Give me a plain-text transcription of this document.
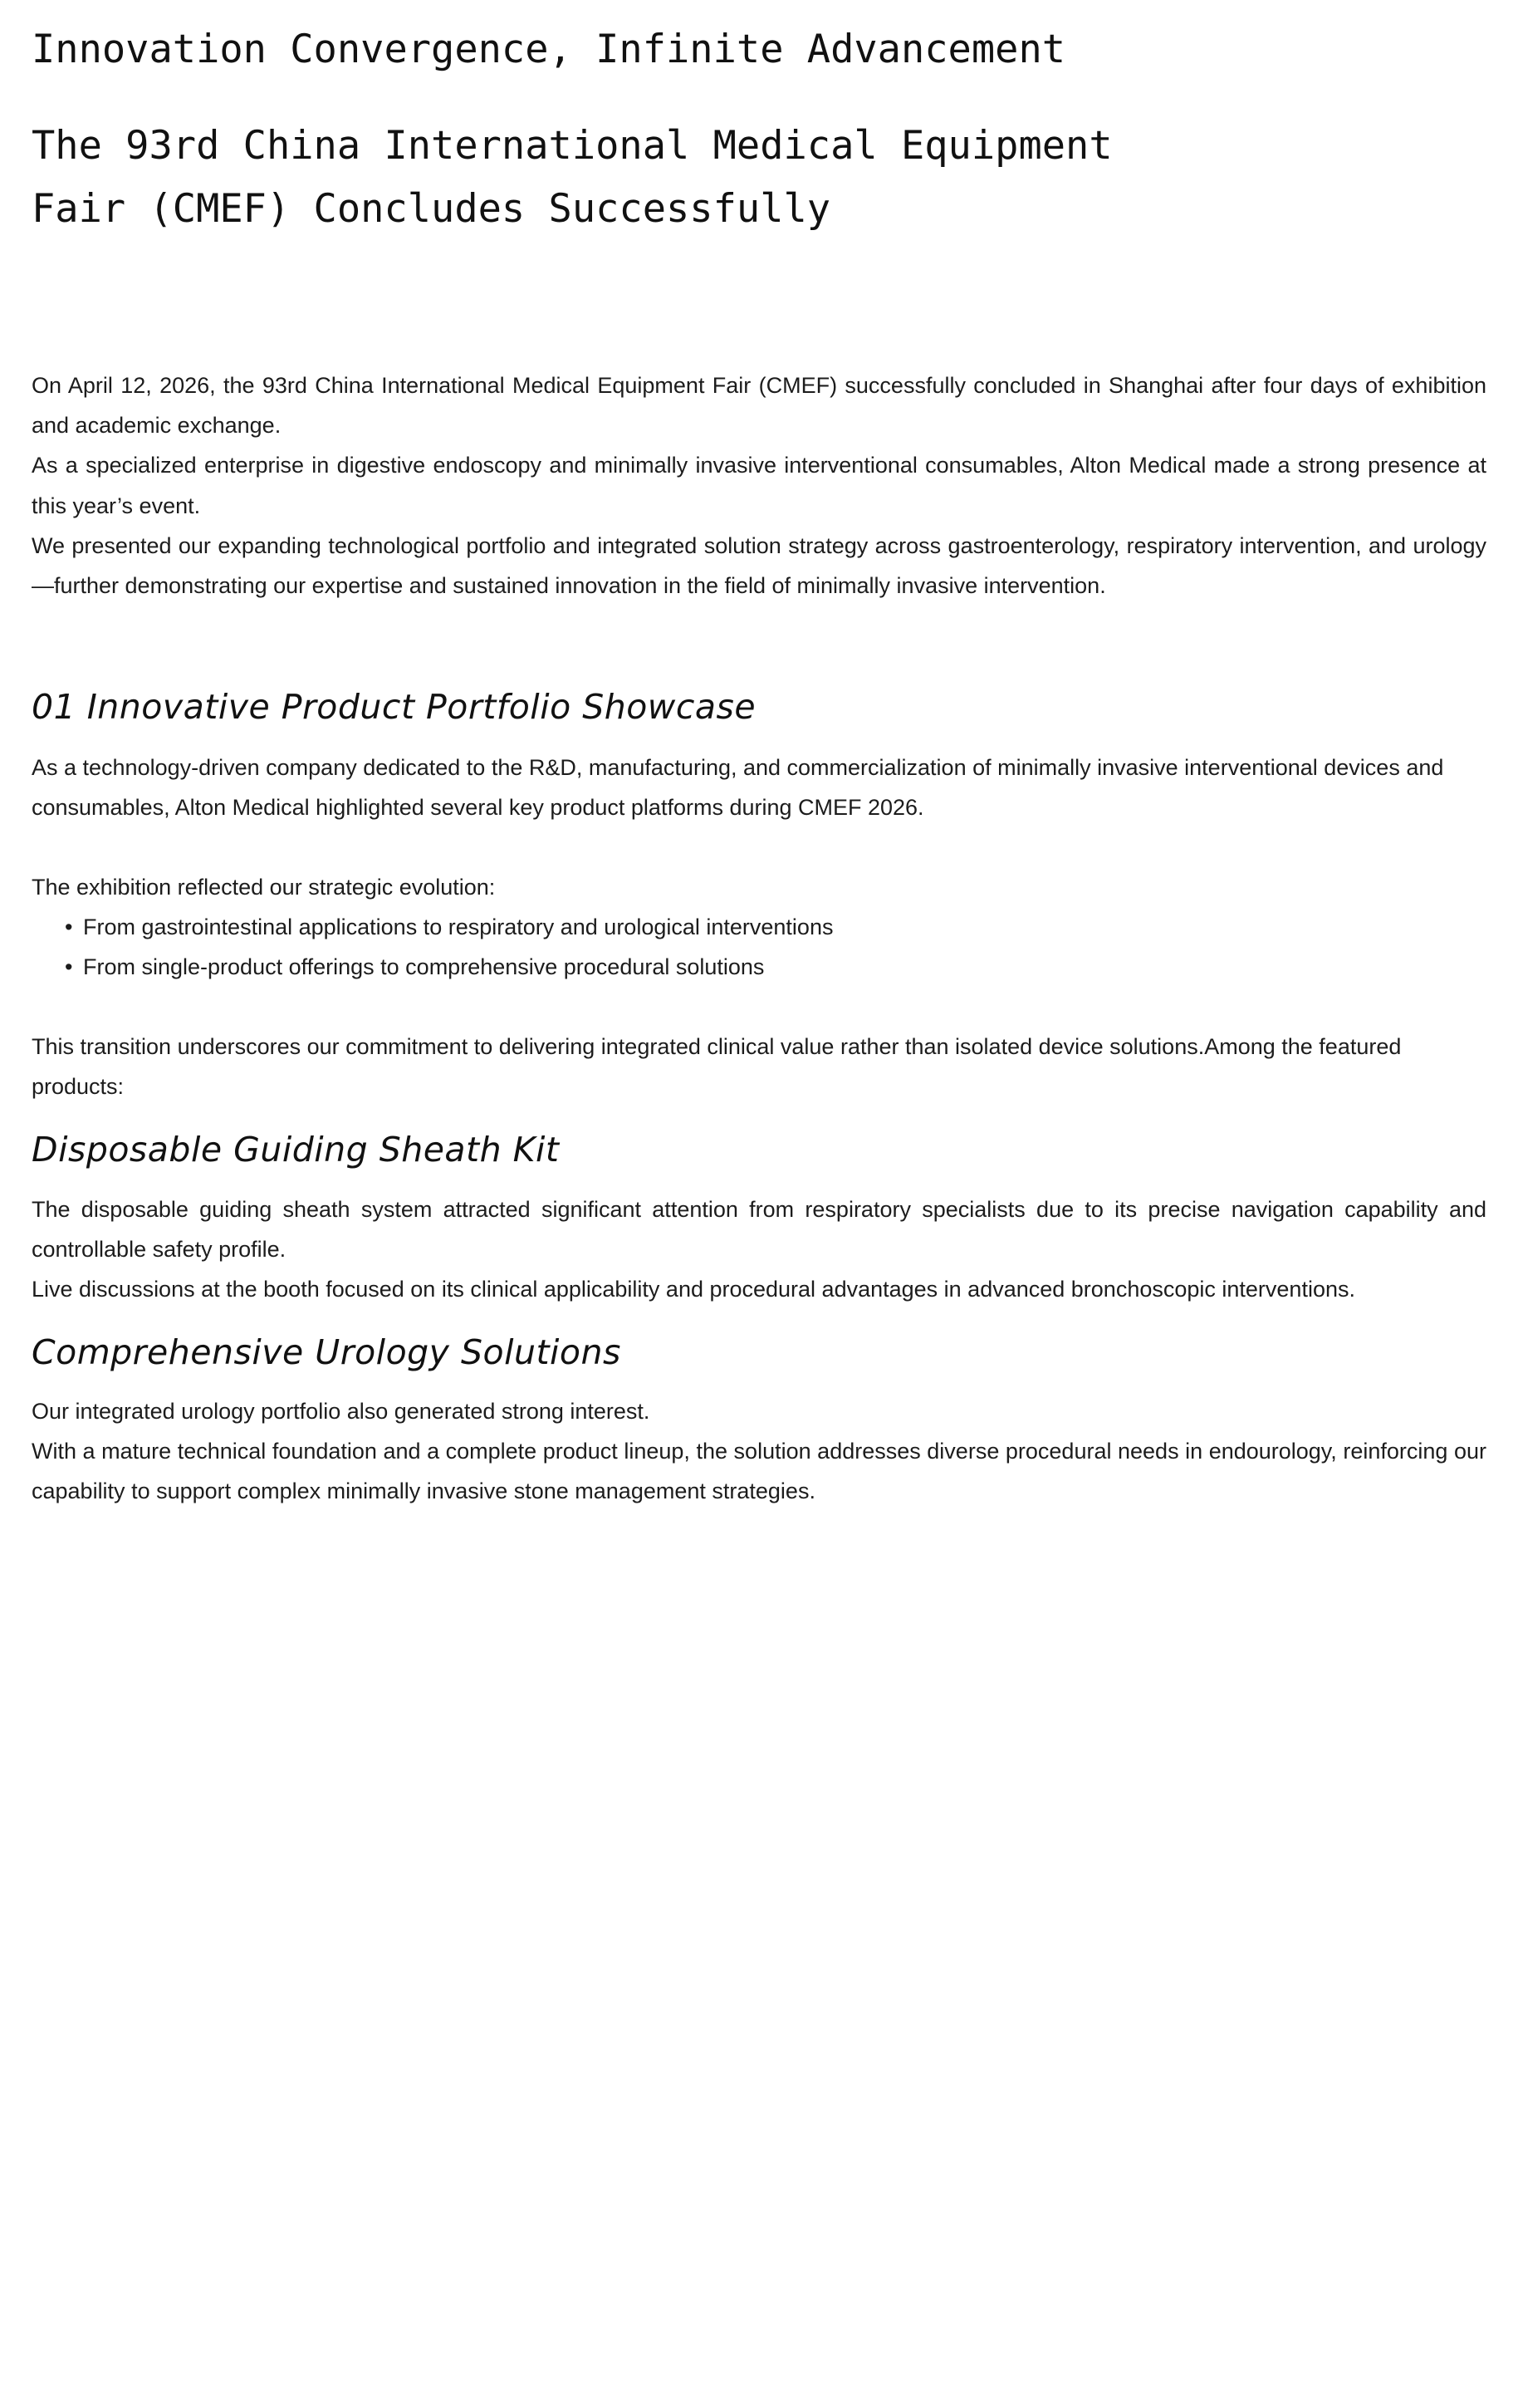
Innovation Convergence, Infinite Advancement
The 93rd China International Medical Equipment
Fair (CMEF) Concludes Successfully

On April 12, 2026, the 93rd China International Medical Equipment Fair (CMEF) successfully concluded in Shanghai after four days of exhibition and academic exchange.

As a specialized enterprise in digestive endoscopy and minimally invasive interventional consumables, Alton Medical made a strong presence at this year’s event.

We presented our expanding technological portfolio and integrated solution strategy across gastroenterology, respiratory intervention, and urology—further demonstrating our expertise and sustained innovation in the field of minimally invasive intervention.

01 Innovative Product Portfolio Showcase

As a technology-driven company dedicated to the R&D, manufacturing, and commercialization of minimally invasive interventional devices and consumables, Alton Medical highlighted several key product platforms during CMEF 2026.

The exhibition reflected our strategic evolution:

• From gastrointestinal applications to respiratory and urological interventions
• From single-product offerings to comprehensive procedural solutions

This transition underscores our commitment to delivering integrated clinical value rather than isolated device solutions.Among the featured products:

Disposable Guiding Sheath Kit

The disposable guiding sheath system attracted significant attention from respiratory specialists due to its precise navigation capability and controllable safety profile.

Live discussions at the booth focused on its clinical applicability and procedural advantages in advanced bronchoscopic interventions.

Comprehensive Urology Solutions

Our integrated urology portfolio also generated strong interest.

With a mature technical foundation and a complete product lineup, the solution addresses diverse procedural needs in endourology, reinforcing our capability to support complex minimally invasive stone management strategies.
